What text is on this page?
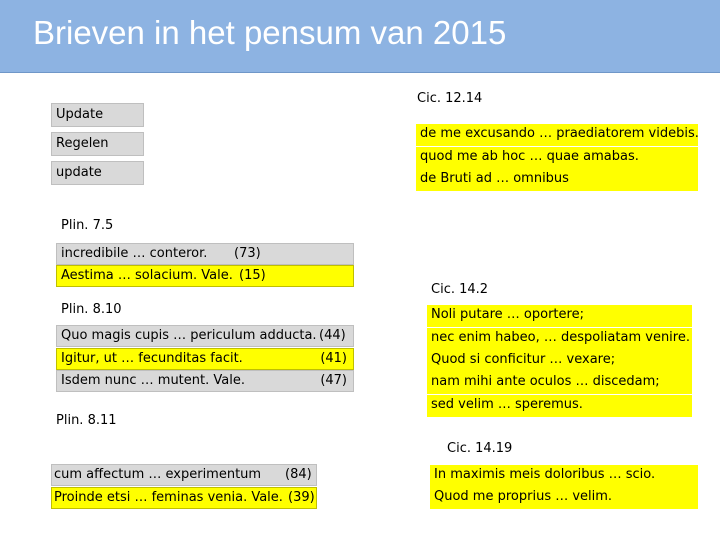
Brieven in het pensum van 2015
Update
Regelen
update
Cic. 12.14
de me excusando … praediatorem videbis.
quod me ab hoc … quae amabas.
de Bruti ad … omnibus
Plin. 7.5
incredibile … conteror. (73)
Aestima … solacium. Vale. (15)
Plin. 8.10
Quo magis cupis … periculum adducta. (44)
Igitur, ut … fecunditas facit.	(41)
Isdem nunc … mutent. Vale.	(47)
Plin. 8.11
cum affectum … experimentum (84)
Proinde etsi … feminas venia. Vale. (39)
Cic. 14.2
Noli putare … oportere;
nec enim habeo, … despoliatam venire.
Quod si conficitur … vexare;
nam mihi ante oculos … discedam;
sed velim … speremus.
Cic. 14.19
In maximis meis doloribus … scio.
Quod me proprius … velim.
